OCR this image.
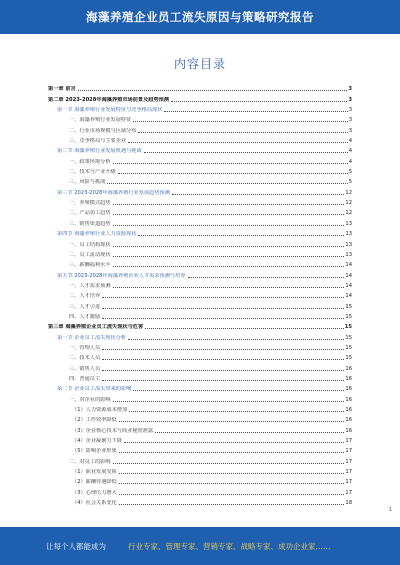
海藻养殖企业员工流失原因与策略研究报告
内容目录
第一章 前言	3
第二章 2023-2028年海藻养殖市场前景及趋势预测	3
第一节 海藻养殖行业发展特征与竞争格局现状	3
一、海藻养殖行业发展特征	3
二、行业市场规模与区域分布	3
三、竞争格局与主要企业	4
第二节 海藻养殖行业发展机遇与挑战	4
一、政策环境分析	4
二、技术与产业升级	5
三、风险与挑战	5
第三节 2023-2028年海藻养殖行业发展趋势预测	12
一、养殖模式趋势	12
二、产品加工趋势	12
三、销售渠道趋势	13
第四节 海藻养殖行业人力资源现状	13
一、员工结构现状	13
二、员工流动现状	13
三、薪酬福利水平	14
第五节 2023-2028年海藻养殖企业人才需求预测与培养	14
一、人才需求预测	14
二、人才培养	14
三、人才引进	15
四、人才激励	15
第三章 海藻养殖企业员工流失现状与危害	15
第一节 企业员工流失现状分析	15
一、管理人员	15
二、技术人员	15
三、销售人员	16
四、普通员工	16
第二节 企业员工流失带来的影响	16
一、对企业的影响	16
（1）人力资源成本增加	16
（2）工作效率降低	16
（3）企业核心技术与商业秘密泄露	16
（4）企业凝聚力下降	17
（5）影响企业形象	17
二、对员工的影响	17
（1）职业发展受阻	17
（2）薪酬待遇降低	17
（3）心理压力增大	17
（4）社会关系变化	18
1
让每个人都能成为	行业专家、管理专家、营销专家、战略专家、成功企业家……
